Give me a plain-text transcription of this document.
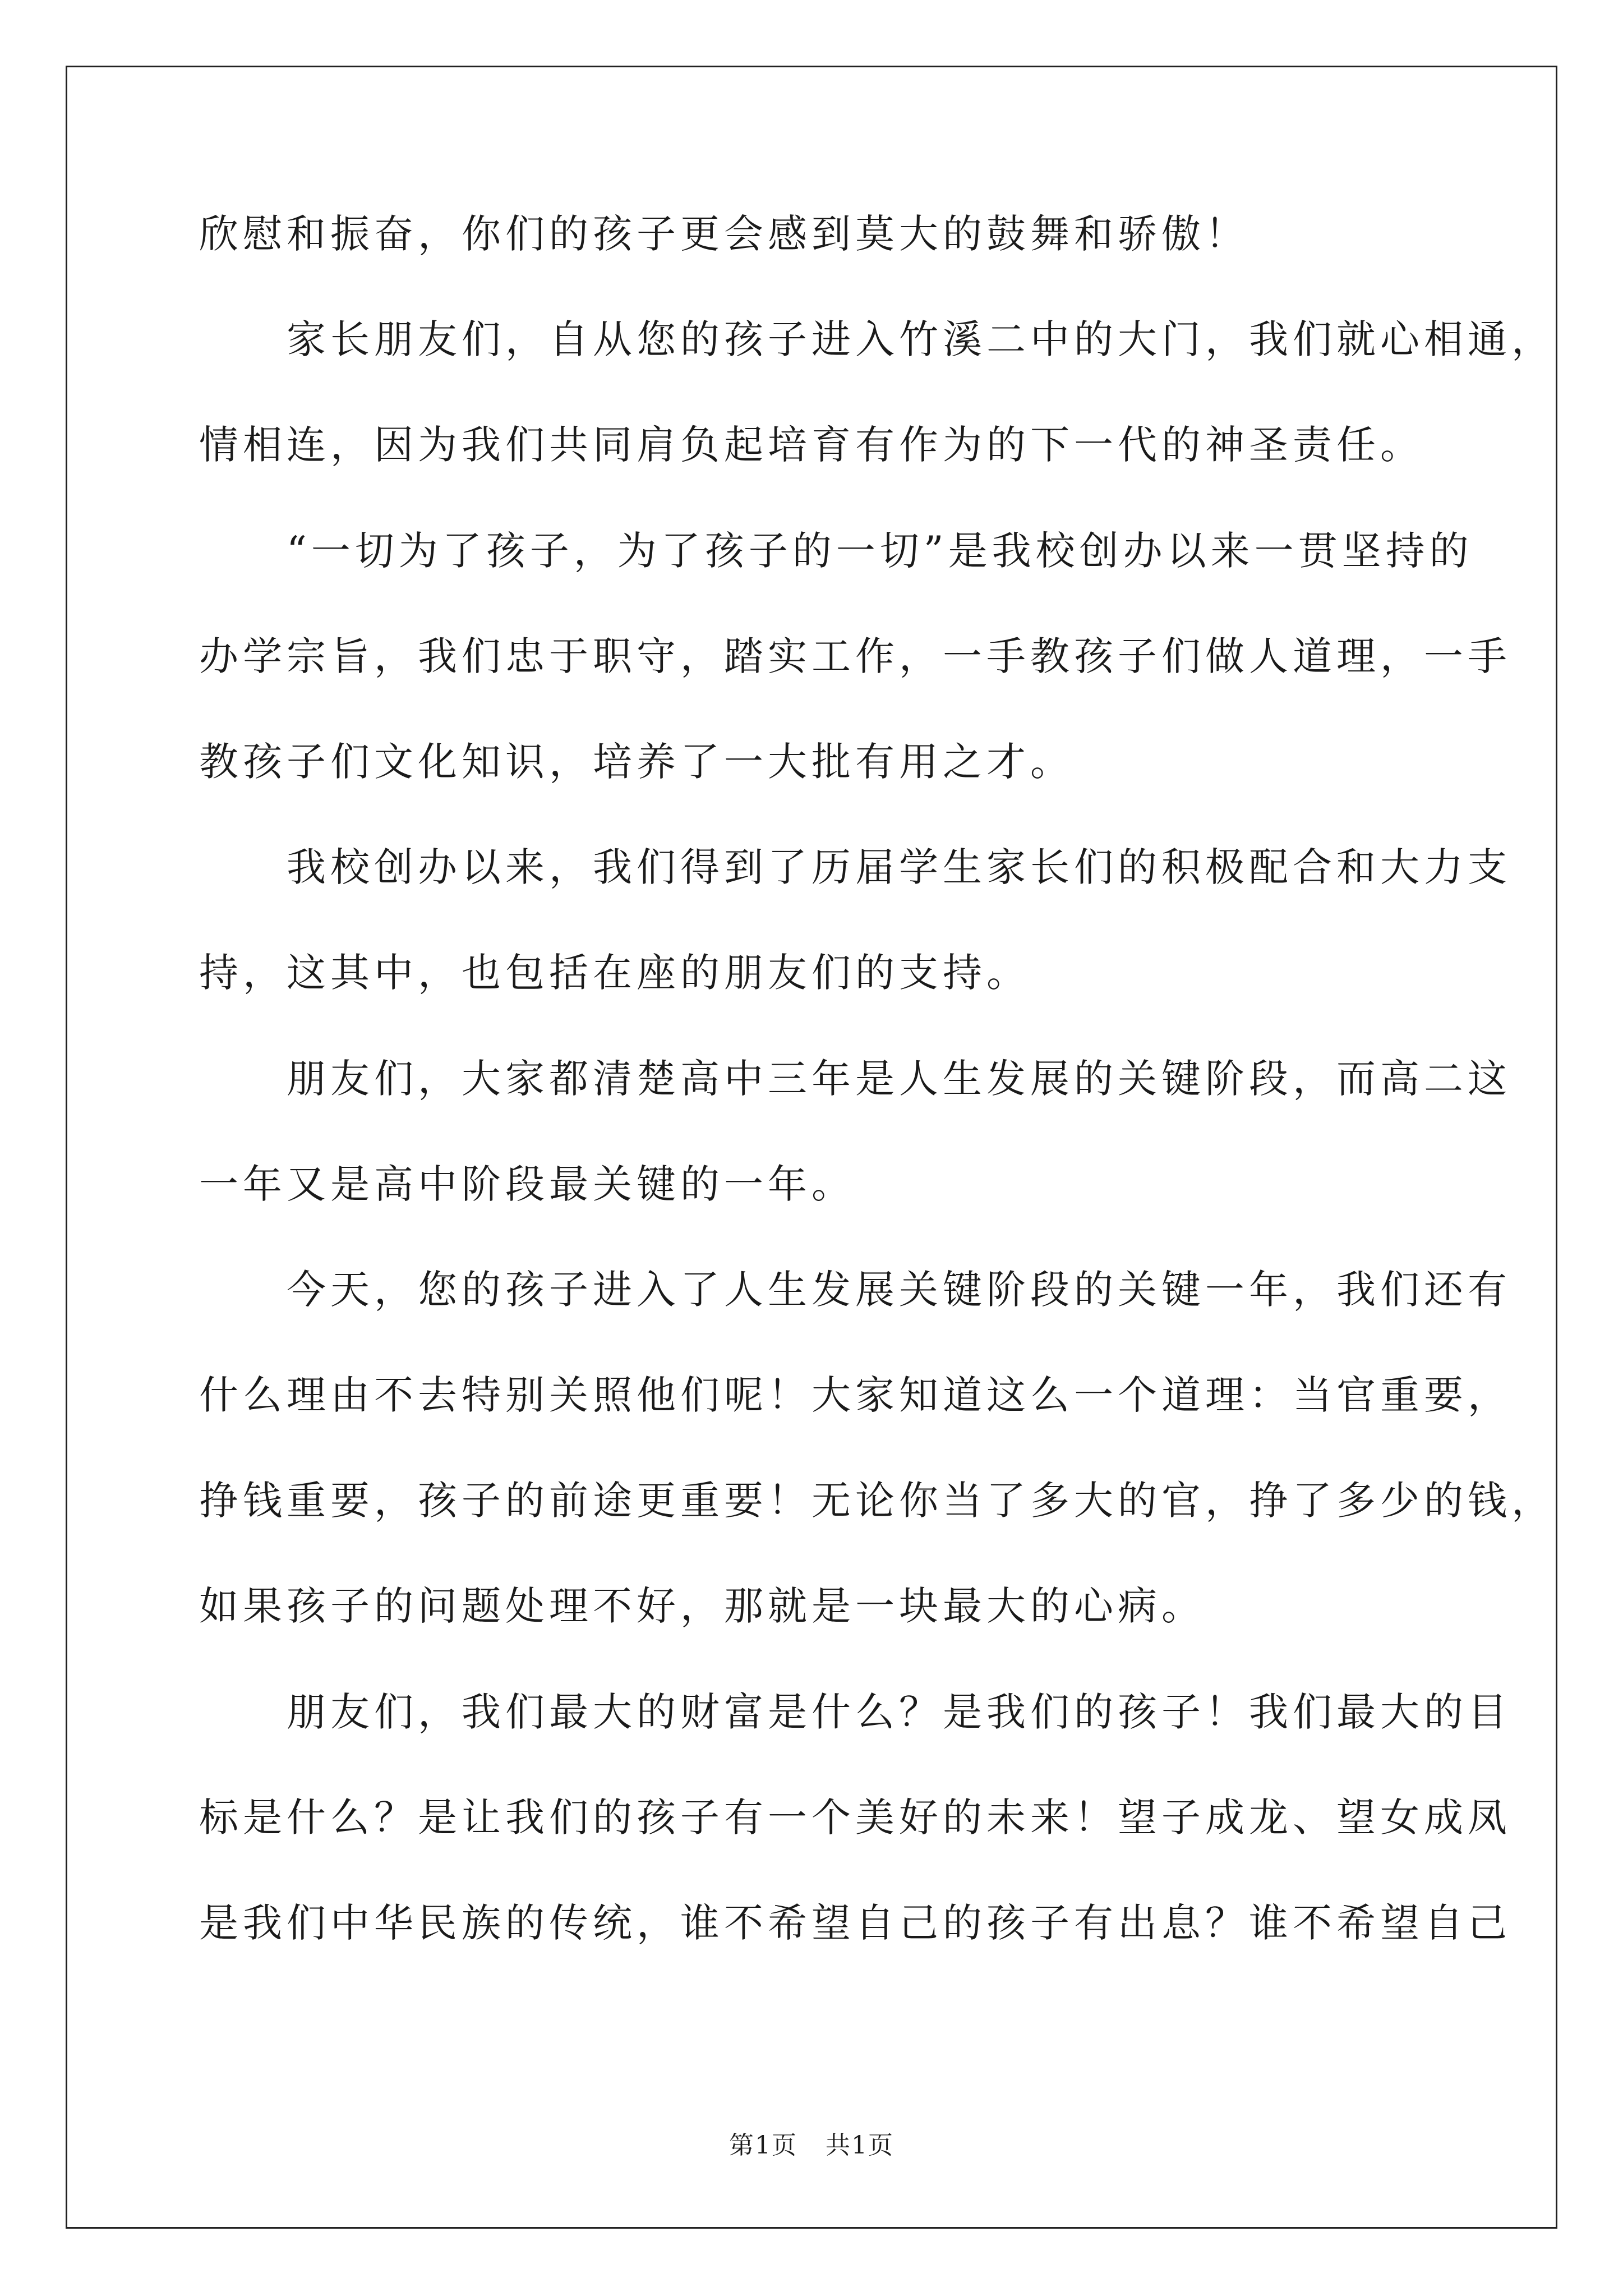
欣慰和振奋，你们的孩子更会感到莫大的鼓舞和骄傲！
　　家长朋友们，自从您的孩子进入竹溪二中的大门，我们就心相通，
情相连，因为我们共同肩负起培育有作为的下一代的神圣责任。
　　“一切为了孩子，为了孩子的一切”是我校创办以来一贯坚持的
办学宗旨，我们忠于职守，踏实工作，一手教孩子们做人道理，一手
教孩子们文化知识，培养了一大批有用之才。
　　我校创办以来，我们得到了历届学生家长们的积极配合和大力支
持，这其中，也包括在座的朋友们的支持。
　　朋友们，大家都清楚高中三年是人生发展的关键阶段，而高二这
一年又是高中阶段最关键的一年。
　　今天，您的孩子进入了人生发展关键阶段的关键一年，我们还有
什么理由不去特别关照他们呢！大家知道这么一个道理：当官重要，
挣钱重要，孩子的前途更重要！无论你当了多大的官，挣了多少的钱，
如果孩子的问题处理不好，那就是一块最大的心病。
　　朋友们，我们最大的财富是什么？是我们的孩子！我们最大的目
标是什么？是让我们的孩子有一个美好的未来！望子成龙、望女成凤
是我们中华民族的传统，谁不希望自己的孩子有出息？谁不希望自己
第1页 共1页
